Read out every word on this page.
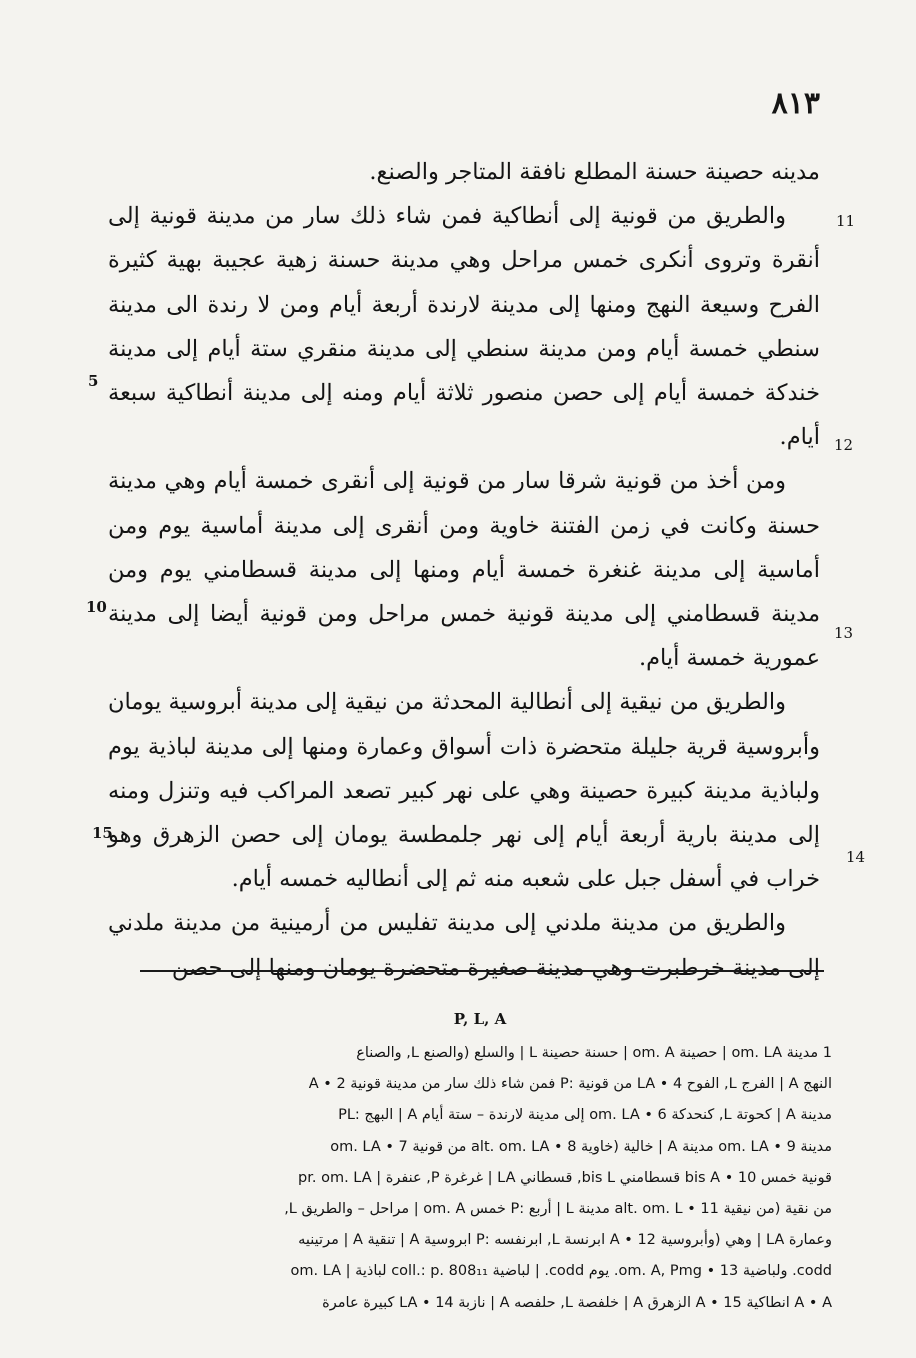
٨١٣
11
12
13
14
5
10
15

مدينه حصينة حسنة المطلع نافقة المتاجر والصنع.

والطريق من قونية إلى أنطاكية فمن شاء ذلك سار من مدينة قونية إلى أنقرة وتروى أنكرى خمس مراحل وهي مدينة حسنة زهية عجيبة بهية كثيرة الفرح وسيعة النهج ومنها إلى مدينة لارندة أربعة أيام ومن لا رندة الى مدينة سنطي خمسة أيام ومن مدينة سنطي إلى مدينة منقري ستة أيام إلى مدينة خندكة خمسة أيام إلى حصن منصور ثلاثة أيام ومنه إلى مدينة أنطاكية سبعة أيام.

ومن أخذ من قونية شرقا سار من قونية إلى أنقرى خمسة أيام وهي مدينة حسنة وكانت في زمن الفتنة خاوية ومن أنقرى إلى مدينة أماسية يوم ومن أماسية إلى مدينة غنغرة خمسة أيام ومنها إلى مدينة قسطامني يوم ومن مدينة قسطامني إلى مدينة قونية خمس مراحل ومن قونية أيضا إلى مدينة عمورية خمسة أيام.

والطريق من نيقية إلى أنطالية المحدثة من نيقية إلى مدينة أبروسية يومان وأبروسية قرية جليلة متحضرة ذات أسواق وعمارة ومنها إلى مدينة لباذية يوم ولباذية مدينة كبيرة حصينة وهي على نهر كبير تصعد المراكب فيه وتنزل ومنه إلى مدينة بارية أربعة أيام إلى نهر جلمطسة يومان إلى حصن الزهرق وهو خراب في أسفل جبل على شعبه منه ثم إلى أنطاليه خمسه أيام.

والطريق من مدينة ملدني إلى مدينة تفليس من أرمينية من مدينة ملدني إلى مدينة خرطبرت وهي مدينة صغيرة متحضرة يومان ومنها إلى حصن

P, L, A

1 مدينة om. LA | حصينة om. A | حسنة حصينة L | والسلع (والصنع L, والصناع

النهج A | الفرج L, الفوح LA • 4 من قونية :P فمن شاء ذلك سار من مدينة قونية 2 • A

مدينة A | كحوتة L, كنحدكة 6 • om. LA إلى مدينة لارندة – ستة أيام A | البهج :PL

مدينة 9 • om. LA مدينة A | خالية (خاوية 8 • alt. om. LA من قونية 7 • om. LA

قونية خمس 10 • bis A قسطامني bis L, قسطاني LA | غرغرة P, عنفرة | pr. om. LA

من نقية (من نيقية 11 • alt. om. L مدينة L | أربع :P خمس om. A | مراحل – والطريق L,

وعمارة LA | وهي (وأبروسية 12 • A ابرنسة L, ابرنفسه :P ابروسية A | تنقية A | مرتينيه

codd. ولباضية 13 • om. A, Pmg. يوم codd. | لباضية coll.: p. 808₁₁ لباذية | om. LA

A • A انطاكية 15 • A الزهرق A | خلفصة L, حلفصه A | نازبة 14 • LA كبيرة عامرة
